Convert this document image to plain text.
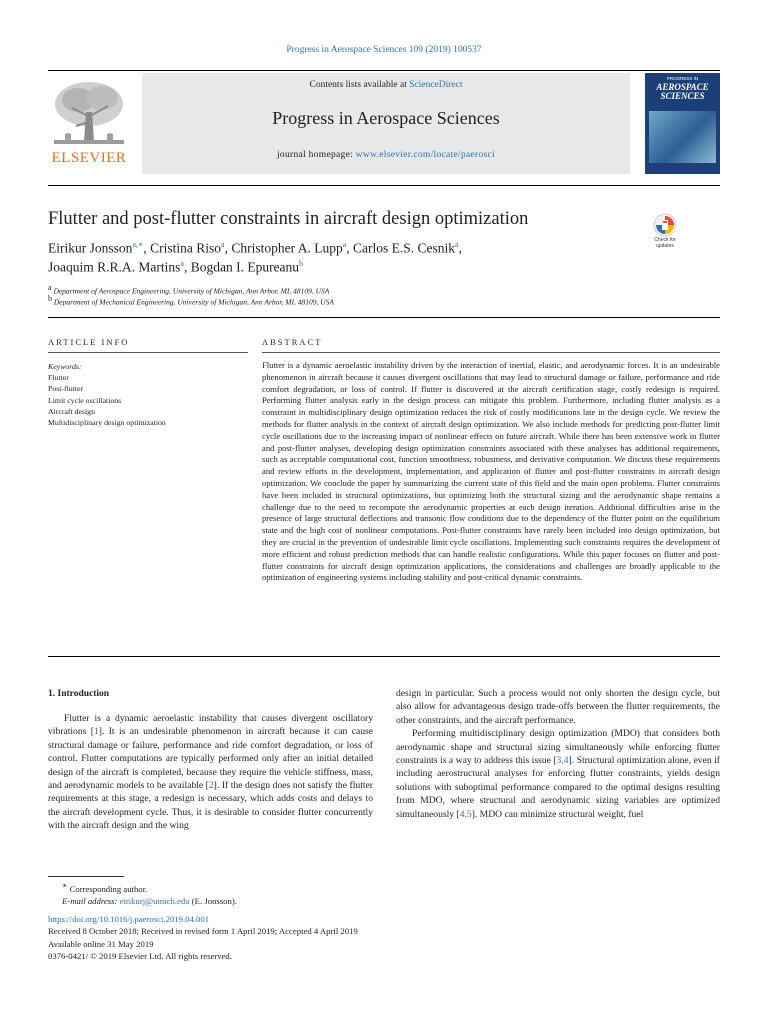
Progress in Aerospace Sciences 109 (2019) 100537
ELSEVIER
Contents lists available at ScienceDirect
Progress in Aerospace Sciences
journal homepage: www.elsevier.com/locate/paerosci
PROGRESS IN
AEROSPACE SCIENCES
Flutter and post-flutter constraints in aircraft design optimization
Check for updates
Eirikur Jonsson$^{a,∗}$, Cristina Riso$^a$, Christopher A. Lupp$^a$, Carlos E.S. Cesnik$^a$,
Joaquim R.R.A. Martins$^a$, Bogdan I. Epureanu$^b$
$^a$ Department of Aerospace Engineering, University of Michigan, Ann Arbor, MI, 48109, USA
$^b$ Department of Mechanical Engineering, University of Michigan, Ann Arbor, MI, 48109, USA
ARTICLE INFO	ABSTRACT
Keywords:
Flutter
Post-flutter
Limit cycle oscillations
Aircraft design
Multidisciplinary design optimization
Flutter is a dynamic aeroelastic instability driven by the interaction of inertial, elastic, and aerodynamic forces. It is an undesirable phenomenon in aircraft because it causes divergent oscillations that may lead to structural damage or failure, performance and ride comfort degradation, or loss of control. If flutter is discovered at the aircraft certification stage, costly redesign is required. Performing flutter analysis early in the design process can mitigate this problem. Furthermore, including flutter analysis as a constraint in multidisciplinary design optimization reduces the risk of costly modifications late in the design cycle. We review the methods for flutter analysis in the context of aircraft design optimization. We also include methods for predicting post-flutter limit cycle oscillations due to the increasing impact of nonlinear effects on future aircraft. While there has been extensive work in flutter and post-flutter analyses, developing design optimization constraints associated with these analyses has additional requirements, such as acceptable computational cost, function smoothness, robustness, and derivative computation. We discuss these requirements and review efforts in the development, implementation, and application of flutter and post-flutter constraints in aircraft design optimization. We conclude the paper by summarizing the current state of this field and the main open problems. Flutter constraints have been included in structural optimizations, but optimizing both the structural sizing and the aerodynamic shape remains a challenge due to the need to recompute the aerodynamic properties at each design iteration. Additional difficulties arise in the presence of large structural deflections and transonic flow conditions due to the dependency of the flutter point on the equilibrium state and the high cost of nonlinear computations. Post-flutter constraints have rarely been included into design optimization, but they are crucial in the prevention of undesirable limit cycle oscillations. Implementing such constraints requires the development of more efficient and robust prediction methods that can handle realistic configurations. While this paper focuses on flutter and post-flutter constraints for aircraft design optimization applications, the considerations and challenges are broadly applicable to the optimization of engineering systems including stability and post-critical dynamic constraints.
1. Introduction

Flutter is a dynamic aeroelastic instability that causes divergent oscillatory vibrations [1]. It is an undesirable phenomenon in aircraft because it can cause structural damage or failure, performance and ride comfort degradation, or loss of control. Flutter computations are typically performed only after an initial detailed design of the aircraft is completed, because they require the vehicle stiffness, mass, and aerodynamic models to be available [2]. If the design does not satisfy the flutter requirements at this stage, a redesign is necessary, which adds costs and delays to the aircraft development cycle. Thus, it is desirable to consider flutter concurrently with the aircraft design and the wing

design in particular. Such a process would not only shorten the design cycle, but also allow for advantageous design trade-offs between the flutter requirements, the other constraints, and the aircraft performance.

Performing multidisciplinary design optimization (MDO) that considers both aerodynamic shape and structural sizing simultaneously while enforcing flutter constraints is a way to address this issue [3,4]. Structural optimization alone, even if including aerostructural analyses for enforcing flutter constraints, yields design solutions with suboptimal performance compared to the optimal designs resulting from MDO, where structural and aerodynamic sizing variables are optimized simultaneously [4,5]. MDO can minimize structural weight, fuel

∗ Corresponding author.
E-mail address: eirikurj@umich.edu (E. Jonsson).
https://doi.org/10.1016/j.paerosci.2019.04.001
Received 8 October 2018; Received in revised form 1 April 2019; Accepted 4 April 2019
Available online 31 May 2019
0376-0421/ © 2019 Elsevier Ltd. All rights reserved.
